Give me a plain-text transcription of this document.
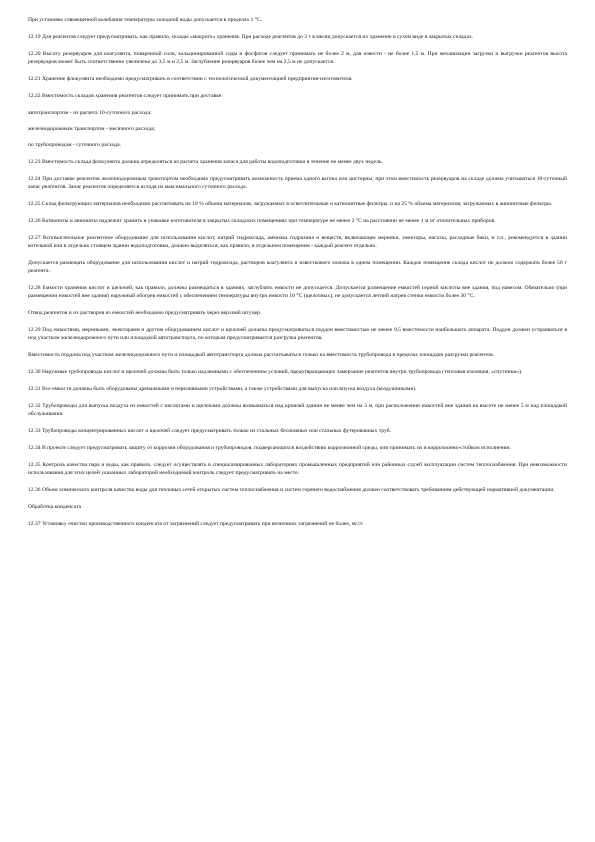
При установке совмещенной колебания температуры холодной воды допускается в пределах 1 °С.

12.19 Для реагентов следует предусматривать, как правило, склады «мокрого» хранения. При расходе реагентов до 3 т в месяц допускается их хранение в сухом виде в закрытых складах.

12.20 Высоту резервуаров для коагулянта, поваренной соли, кальцинированной соды и фосфатов следует принимать не более 2 м, для извести - не более 1,5 м. При механизации загрузки и выгрузки реагентов высота резервуаров может быть соответственно увеличена до 3,5 м и 2,5 м. Заглубление резервуаров более чем на 2,5 м не допускается.

12.21 Хранение флокулянта необходимо предусматривать в соответствии с технологической документацией предприятия-изготовителя.

12.22 Вместимость складов хранения реагентов следует принимать при доставке:

автотранспортом - из расчета 10-суточного расхода;

железнодорожным транспортом - месячного расхода;

по трубопроводам - суточного расхода.

12.23 Вместимость склада флокулянта должна определяться из расчета хранения запаса для работы водоподготовки в течение не менее двух недель.

12.24 При доставке реагентов железнодорожным транспортом необходимо предусматривать возможность приема одного вагона или цистерны; при этом вместимость резервуаров на складе должна учитываться 10-суточный запас реагентов. Запас реагентов определяется исходя из максимального суточного расхода.

12.25 Склад фильтрующих материалов необходимо рассчитывать на 10 % объема материалов, загружаемых в осветлительные и катионитные фильтры, и на 25 % объема материалов, загружаемых в анионитные фильтры.

12.26 Катиониты и аниониты надлежит хранить в упаковке изготовителя в закрытых складских помещениях при температуре не менее 2 °С на расстоянии не менее 1 м от отопительных приборов.

12.27 Вспомогательное реагентное оборудование для использования кислот, натрий гидроксида, аммиака гидразина и веществ, включающее мерники, эжекторы, насосы, расходные баки, и т.п., рекомендуется в здании котельной или в отдельно стоящем здании водоподготовки, должно выделяться, как правило, в отдельном помещении - каждый реагент отдельно.

Допускается размещать оборудование для использования кислот и натрий гидроксида, растворов коагулянта и известкового молока в одном помещении. Каждое помещение склада кислот не должно содержать более 50 т реагента.

12.28 Емкости хранения кислот и щелочей, как правило, должны размещаться в зданиях, заглублять емкости не допускается. Допускается размещение емкостей серной кислоты вне здания, под навесом. Обязательно (при размещении емкостей вне здания) наружный обогрев емкостей с обеспечением температуры внутри емкости 10 °С (щелочных), не допускается летний нагрев стенки емкости более 30 °С.

Отвод реагентов и их растворов из емкостей необходимо предусматривать через верхний штуцер.

12.29 Под емкостями, мерниками, эжекторами и другим оборудованием кислот и щелочей должны предусматриваться поддон вместимостью не менее 0,5 вместимости наибольшего аппарата. Поддон должен устраиваться в под участком железнодорожного пути или площадкой автотранспорта, по которым предусматривается разгрузка реагентов.

Вместимость поддона под участком железнодорожного пути и площадкой автотранспорта должна рассчитываться только на вместимость трубопровода в пределах площадки разгрузки реагентов.

12.30 Наружные трубопроводы кислот и щелочей должны быть только надземными с обеспечением условий, предотвращающих замерзание реагентов внутри трубопровода (тепловая изоляция, «спутники»).

12.31 Все емкости должны быть оборудованы дренажными и переливными устройствами, а также устройствами для выпуска или впуска воздуха (воздушниками).

12.32 Трубопроводы для выпуска воздуха из емкостей с кислотами и щелочами должны возвышаться над кровлей здания не менее чем на 3 м, при расположении емкостей вне здания на высоте не менее 5 м над площадкой обслуживания.

12.33 Трубопроводы концентрированных кислот и щелочей следует предусматривать только из стальных бесшовных или стальных футерованных труб.

12.34 В проекте следует предусматривать защиту от коррозии оборудования и трубопроводов, подвергающихся воздействию коррозионной среды, или принимать их в коррозионно-стойком исполнении.

12.35 Контроль качества пара и воды, как правило, следует осуществлять в специализированных лабораториях промышленных предприятий или районных служб эксплуатации систем теплоснабжения. При невозможности использования для этих целей указанных лабораторий необходимый контроль следует предусматривать на месте.

12.36 Объем химического контроля качества воды для тепловых сетей открытых систем теплоснабжения и систем горячего водоснабжения должен соответствовать требованиям действующей нормативной документации.

Обработка конденсата

12.37 Установку очистки производственного конденсата от загрязнений следует предусматривать при величинах загрязнений не более, мг/л:
